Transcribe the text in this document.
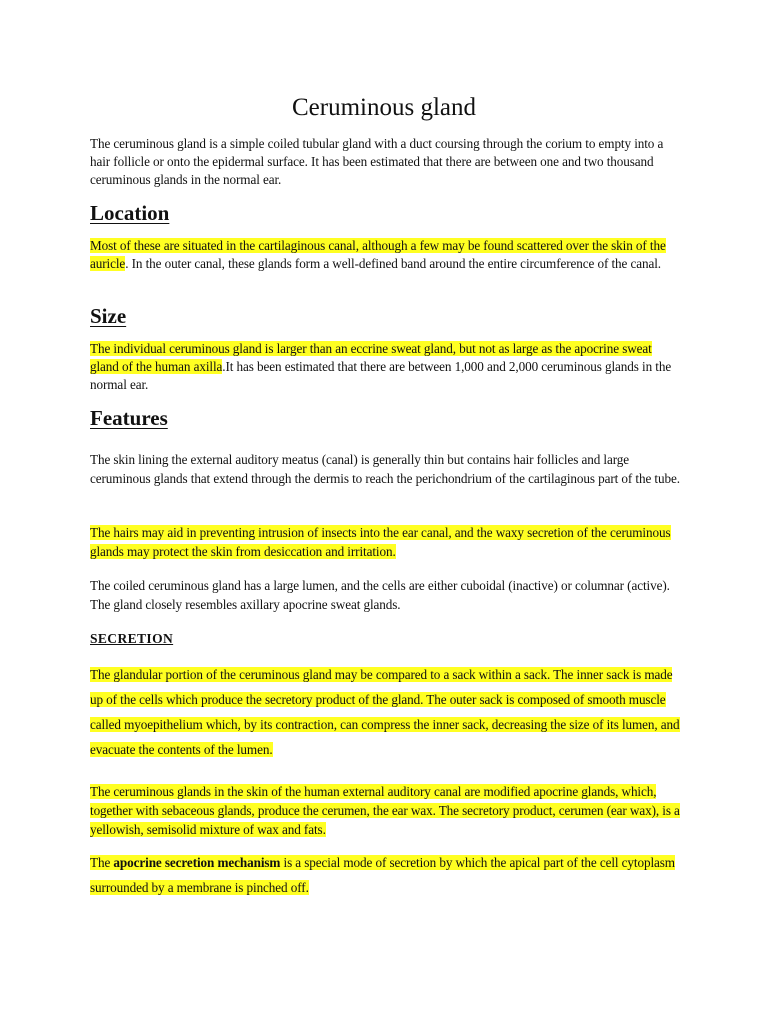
Ceruminous gland
The ceruminous gland is a simple coiled tubular gland with a duct coursing through the corium to empty into a hair follicle or onto the epidermal surface. It has been estimated that there are between one and two thousand ceruminous glands in the normal ear.
Location
Most of these are situated in the cartilaginous canal, although a few may be found scattered over the skin of the auricle. In the outer canal, these glands form a well-defined band around the entire circumference of the canal.
Size
The individual ceruminous gland is larger than an eccrine sweat gland, but not as large as the apocrine sweat gland of the human axilla.It has been estimated that there are between 1,000 and 2,000 ceruminous glands in the normal ear.
Features
The skin lining the external auditory meatus (canal) is generally thin but contains hair follicles and large ceruminous glands that extend through the dermis to reach the perichondrium of the cartilaginous part of the tube.
The hairs may aid in preventing intrusion of insects into the ear canal, and the waxy secretion of the ceruminous glands may protect the skin from desiccation and irritation.
The coiled ceruminous gland has a large lumen, and the cells are either cuboidal (inactive) or columnar (active). The gland closely resembles axillary apocrine sweat glands.
SECRETION
The glandular portion of the ceruminous gland may be compared to a sack within a sack. The inner sack is made up of the cells which produce the secretory product of the gland. The outer sack is composed of smooth muscle called myoepithelium which, by its contraction, can compress the inner sack, decreasing the size of its lumen, and evacuate the contents of the lumen.
The ceruminous glands in the skin of the human external auditory canal are modified apocrine glands, which, together with sebaceous glands, produce the cerumen, the ear wax. The secretory product, cerumen (ear wax), is a yellowish, semisolid mixture of wax and fats.
The apocrine secretion mechanism is a special mode of secretion by which the apical part of the cell cytoplasm surrounded by a membrane is pinched off.
